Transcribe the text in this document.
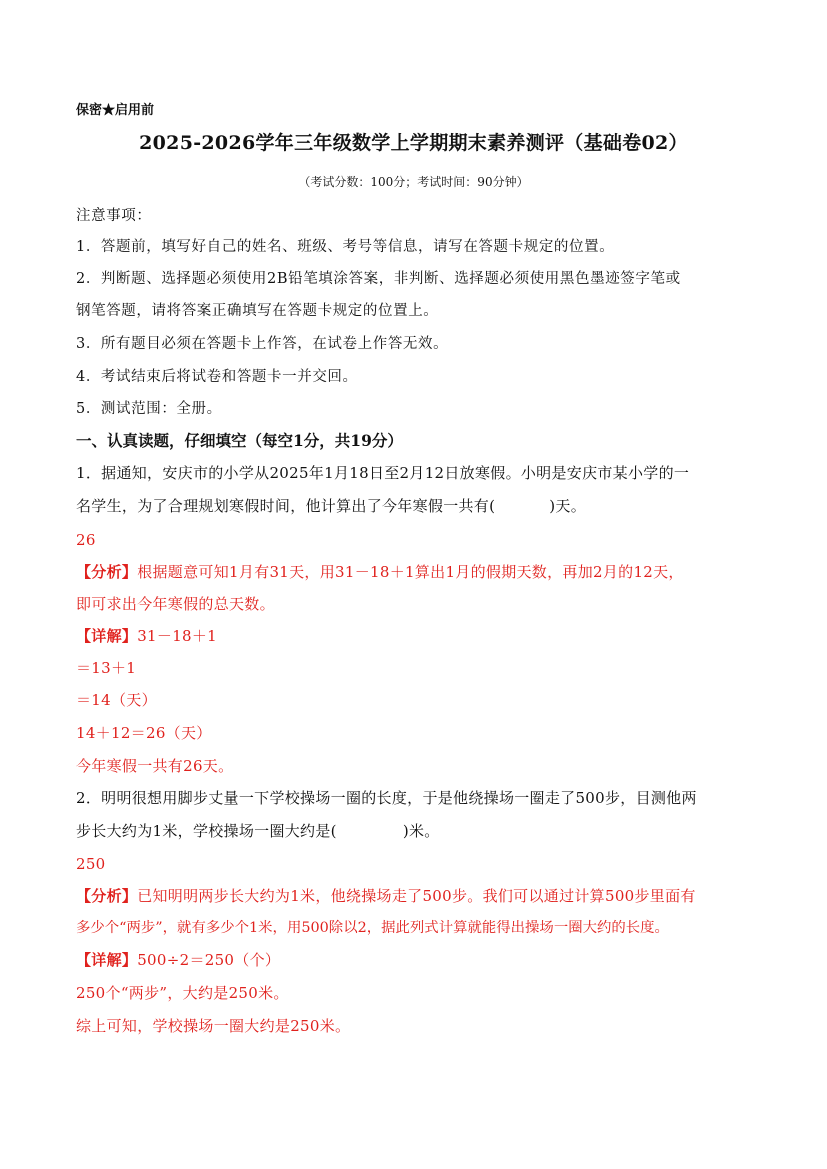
保密★启用前
2025-2026学年三年级数学上学期期末素养测评（基础卷02）
（考试分数：100分；考试时间：90分钟）
注意事项：
1．答题前，填写好自己的姓名、班级、考号等信息，请写在答题卡规定的位置。
2．判断题、选择题必须使用2B铅笔填涂答案，非判断、选择题必须使用黑色墨迹签字笔或
钢笔答题，请将答案正确填写在答题卡规定的位置上。
3．所有题目必须在答题卡上作答，在试卷上作答无效。
4．考试结束后将试卷和答题卡一并交回。
5．测试范围：全册。
一、认真读题，仔细填空（每空1分，共19分）
1．据通知，安庆市的小学从2025年1月18日至2月12日放寒假。小明是安庆市某小学的一
名学生，为了合理规划寒假时间，他计算出了今年寒假一共有(	)天。
26
【分析】根据题意可知1月有31天，用31－18＋1算出1月的假期天数，再加2月的12天，
即可求出今年寒假的总天数。
【详解】31－18＋1
＝13＋1
＝14（天）
14＋12＝26（天）
今年寒假一共有26天。
2．明明很想用脚步丈量一下学校操场一圈的长度，于是他绕操场一圈走了500步，目测他两
步长大约为1米，学校操场一圈大约是(	)米。
250
【分析】已知明明两步长大约为1米，他绕操场走了500步。我们可以通过计算500步里面有
多少个“两步”，就有多少个1米，用500除以2，据此列式计算就能得出操场一圈大约的长度。
【详解】500÷2＝250（个）
250个“两步”，大约是250米。
综上可知，学校操场一圈大约是250米。
